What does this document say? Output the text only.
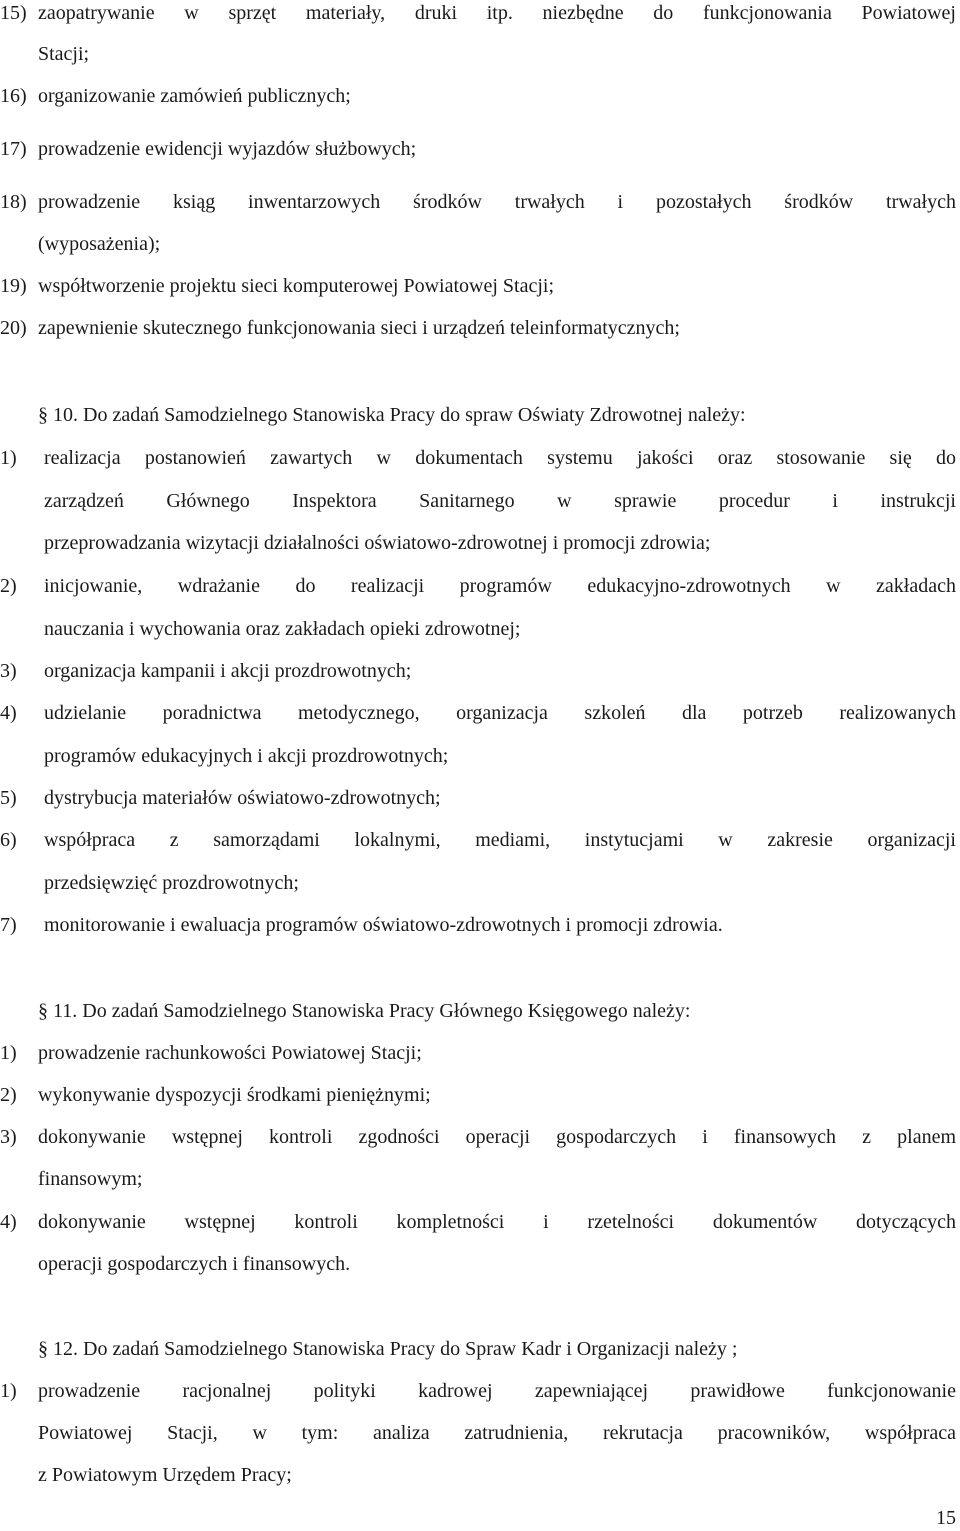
15) zaopatrywanie w sprzęt materiały, druki itp. niezbędne do funkcjonowania Powiatowej
Stacji;
16) organizowanie zamówień publicznych;
17) prowadzenie ewidencji wyjazdów służbowych;
18) prowadzenie ksiąg inwentarzowych środków trwałych i pozostałych środków trwałych
(wyposażenia);
19) współtworzenie projektu sieci komputerowej Powiatowej Stacji;
20) zapewnienie skutecznego funkcjonowania sieci i urządzeń teleinformatycznych;
§ 10. Do zadań Samodzielnego Stanowiska Pracy do spraw Oświaty Zdrowotnej należy:
1) realizacja postanowień zawartych w dokumentach systemu jakości oraz stosowanie się do
zarządzeń Głównego Inspektora Sanitarnego w sprawie procedur i instrukcji
przeprowadzania wizytacji działalności oświatowo-zdrowotnej i promocji zdrowia;
2) inicjowanie, wdrażanie do realizacji programów edukacyjno-zdrowotnych w zakładach
nauczania i wychowania oraz zakładach opieki zdrowotnej;
3) organizacja kampanii i akcji prozdrowotnych;
4) udzielanie poradnictwa metodycznego, organizacja szkoleń dla potrzeb realizowanych
programów edukacyjnych i akcji prozdrowotnych;
5) dystrybucja materiałów oświatowo-zdrowotnych;
6) współpraca z samorządami lokalnymi, mediami, instytucjami w zakresie organizacji
przedsięwzięć prozdrowotnych;
7) monitorowanie i ewaluacja programów oświatowo-zdrowotnych i promocji zdrowia.
§ 11. Do zadań Samodzielnego Stanowiska Pracy Głównego Księgowego należy:
1) prowadzenie rachunkowości Powiatowej Stacji;
2) wykonywanie dyspozycji środkami pieniężnymi;
3) dokonywanie wstępnej kontroli zgodności operacji gospodarczych i finansowych z planem
finansowym;
4) dokonywanie wstępnej kontroli kompletności i rzetelności dokumentów dotyczących
operacji gospodarczych i finansowych.
§ 12. Do zadań Samodzielnego Stanowiska Pracy do Spraw Kadr i Organizacji należy ;
1) prowadzenie racjonalnej polityki kadrowej zapewniającej prawidłowe funkcjonowanie
Powiatowej Stacji, w tym: analiza zatrudnienia, rekrutacja pracowników, współpraca
z Powiatowym Urzędem Pracy;
15
